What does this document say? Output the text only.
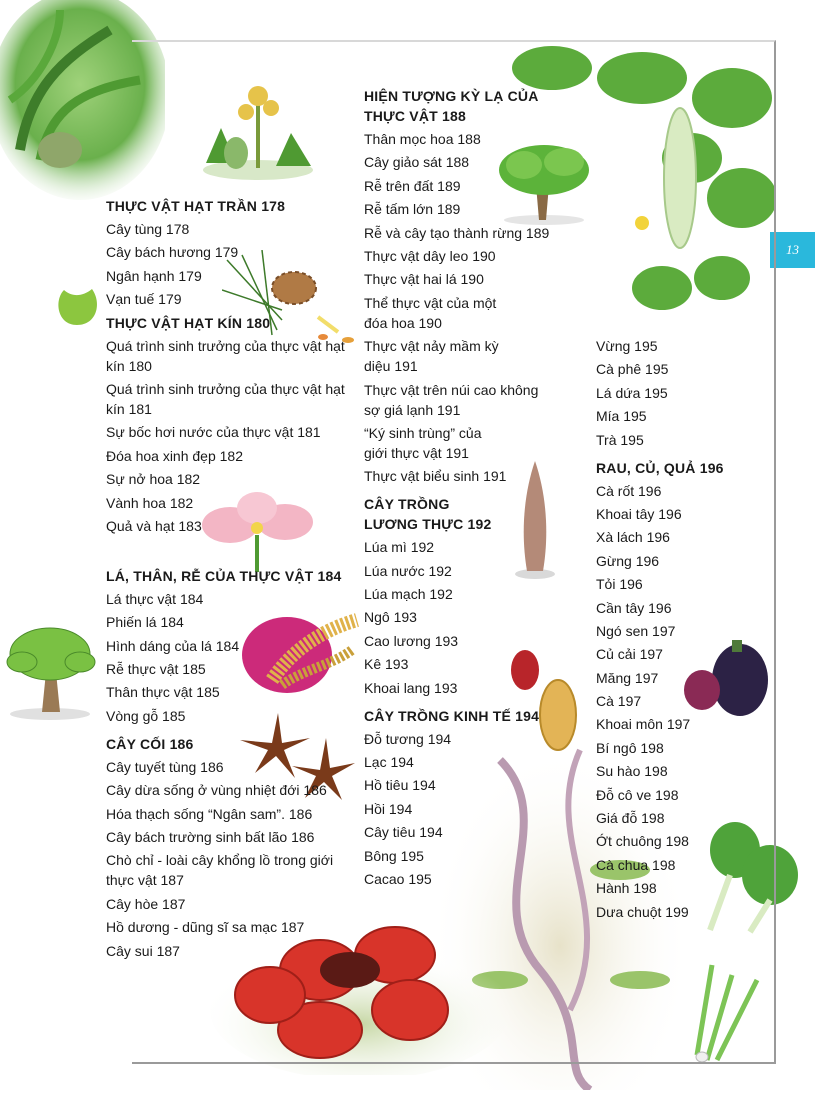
13
THỰC VẬT HẠT TRẦN 178
Cây tùng 178
Cây bách hương 179
Ngân hạnh 179
Vạn tuế 179
THỰC VẬT HẠT KÍN 180
Quá trình sinh trưởng của thực vật hạt kín 180
Quá trình sinh trưởng của thực vật hạt kín 181
Sự bốc hơi nước của thực vật 181
Đóa hoa xinh đẹp 182
Sự nở hoa 182
Vành hoa 182
Quả và hạt 183
LÁ, THÂN, RỄ CỦA THỰC VẬT 184
Lá thực vật 184
Phiến lá 184
Hình dáng của lá 184
Rễ thực vật 185
Thân thực vật 185
Vòng gỗ 185
CÂY CỐI 186
Cây tuyết tùng 186
Cây dừa sống ở vùng nhiệt đới 186
Hóa thạch sống “Ngân sam”. 186
Cây bách trường sinh bất lão 186
Chò chỉ - loài cây khổng lồ trong giới thực vật 187
Cây hòe 187
Hồ dương - dũng sĩ sa mạc 187
Cây sui 187
HIỆN TƯỢNG KỲ LẠ CỦA THỰC VẬT 188
Thân mọc hoa 188
Cây giảo sát 188
Rễ trên đất 189
Rễ tấm lớn 189
Rễ và cây tạo thành rừng 189
Thực vật dây leo 190
Thực vật hai lá 190
Thể thực vật của một đóa hoa 190
Thực vật nảy mầm kỳ diệu 191
Thực vật trên núi cao không sợ giá lạnh 191
“Ký sinh trùng” của giới thực vật 191
Thực vật biểu sinh 191
CÂY TRỒNG LƯƠNG THỰC 192
Lúa mì 192
Lúa nước 192
Lúa mạch 192
Ngô 193
Cao lương 193
Kê 193
Khoai lang 193
CÂY TRỒNG KINH TẾ 194
Đỗ tương 194
Lạc 194
Hồ tiêu 194
Hồi 194
Cây tiêu 194
Bông 195
Cacao 195
Vừng 195
Cà phê 195
Lá dứa 195
Mía 195
Trà 195
RAU, CỦ, QUẢ 196
Cà rốt 196
Khoai tây 196
Xà lách 196
Gừng 196
Tỏi 196
Cần tây 196
Ngó sen 197
Củ cải 197
Măng 197
Cà 197
Khoai môn 197
Bí ngô 198
Su hào 198
Đỗ cô ve 198
Giá đỗ 198
Ớt chuông 198
Cà chua 198
Hành 198
Dưa chuột 199
